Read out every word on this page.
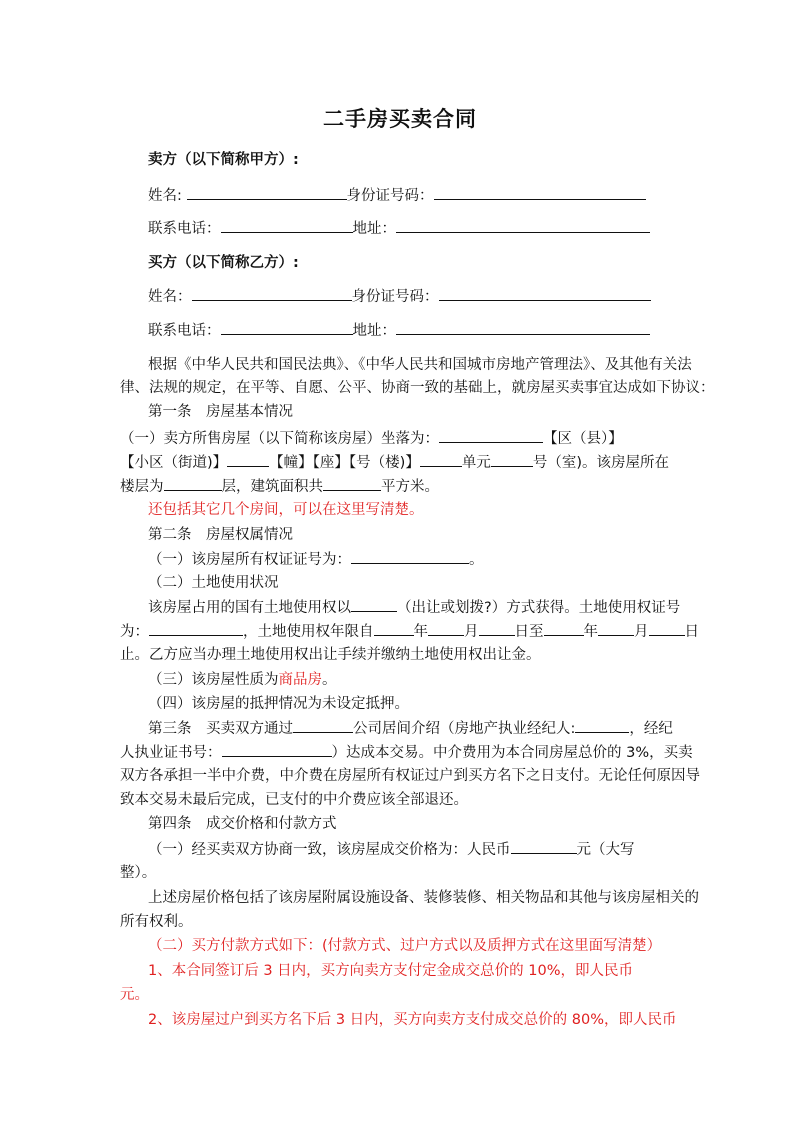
二手房买卖合同
卖方（以下简称甲方）:
姓名:	身份证号码：
联系电话：	地址：
买方（以下简称乙方）:
姓名：	身份证号码：
联系电话：	地址：
根据《中华人民共和国民法典》、《中华人民共和国城市房地产管理法》、及其他有关法
律、法规的规定，在平等、自愿、公平、协商一致的基础上，就房屋买卖事宜达成如下协议：
第一条　房屋基本情况
（一）卖方所售房屋（以下简称该房屋）坐落为：	【区（县）】
【小区（街道)】	【幢】【座】【号（楼)】	单元	号（室)。该房屋所在
楼层为	层，建筑面积共	平方米。
还包括其它几个房间，可以在这里写清楚。
第二条　房屋权属情况
（一）该房屋所有权证证号为：	。
（二）土地使用状况
该房屋占用的国有土地使用权以	（出让或划拨?）方式获得。土地使用权证号
为：	，土地使用权年限自	年 月 日至	年 月 日
止。乙方应当办理土地使用权出让手续并缴纳土地使用权出让金。
（三）该房屋性质为商品房。
（四）该房屋的抵押情况为未设定抵押。
第三条　买卖双方通过	公司居间介绍（房地产执业经纪人:	，经纪
人执业证书号：	）达成本交易。中介费用为本合同房屋总价的 3%，买卖
双方各承担一半中介费，中介费在房屋所有权证过户到买方名下之日支付。无论任何原因导
致本交易未最后完成，已支付的中介费应该全部退还。
第四条　成交价格和付款方式
（一）经买卖双方协商一致，该房屋成交价格为：人民币	元（大写
整）。
上述房屋价格包括了该房屋附属设施设备、装修装修、相关物品和其他与该房屋相关的
所有权利。
（二）买方付款方式如下：(付款方式、过户方式以及质押方式在这里面写清楚）
1、本合同签订后 3 日内，买方向卖方支付定金成交总价的 10%，即人民币
元。
2、该房屋过户到买方名下后 3 日内，买方向卖方支付成交总价的 80%，即人民币
